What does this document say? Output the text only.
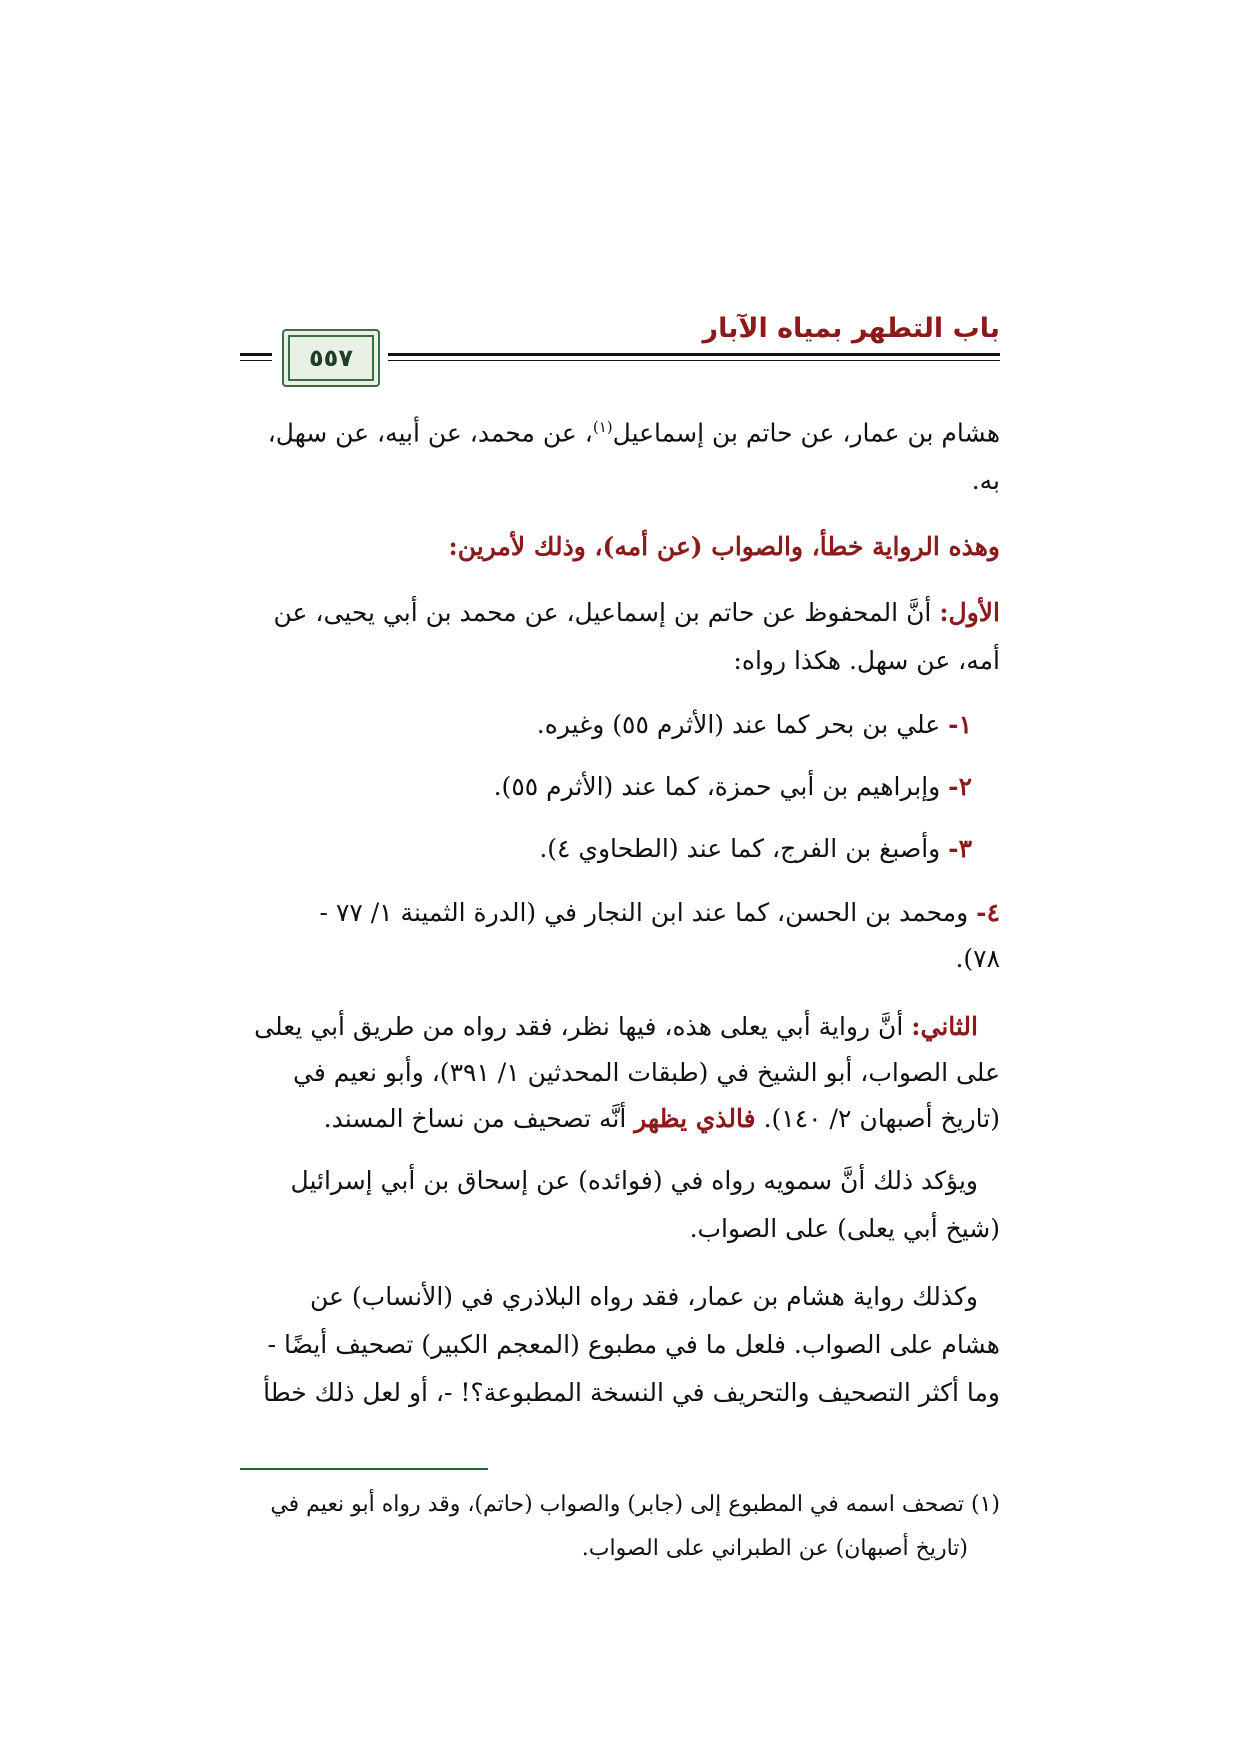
باب التطهر بمياه الآبار
٥٥٧
هشام بن عمار، عن حاتم بن إسماعيل$^{(١)}$، عن محمد، عن أبيه، عن سهل،
به.
وهذه الرواية خطأ، والصواب (عن أمه)، وذلك لأمرين:
الأول: أنَّ المحفوظ عن حاتم بن إسماعيل، عن محمد بن أبي يحيى، عن
أمه، عن سهل. هكذا رواه:
١- علي بن بحر كما عند (الأثرم ٥٥) وغيره.
٢- وإبراهيم بن أبي حمزة، كما عند (الأثرم ٥٥).
٣- وأصبغ بن الفرج، كما عند (الطحاوي ٤).
٤- ومحمد بن الحسن، كما عند ابن النجار في (الدرة الثمينة ١/ ٧٧ -
٧٨).
الثاني: أنَّ رواية أبي يعلى هذه، فيها نظر، فقد رواه من طريق أبي يعلى
على الصواب، أبو الشيخ في (طبقات المحدثين ١/ ٣٩١)، وأبو نعيم في
(تاريخ أصبهان ٢/ ١٤٠). فالذي يظهر أنَّه تصحيف من نساخ المسند.
ويؤكد ذلك أنَّ سمويه رواه في (فوائده) عن إسحاق بن أبي إسرائيل
(شيخ أبي يعلى) على الصواب.
وكذلك رواية هشام بن عمار، فقد رواه البلاذري في (الأنساب) عن
هشام على الصواب. فلعل ما في مطبوع (المعجم الكبير) تصحيف أيضًا -
وما أكثر التصحيف والتحريف في النسخة المطبوعة؟! -، أو لعل ذلك خطأ
(١) تصحف اسمه في المطبوع إلى (جابر) والصواب (حاتم)، وقد رواه أبو نعيم في
(تاريخ أصبهان) عن الطبراني على الصواب.
